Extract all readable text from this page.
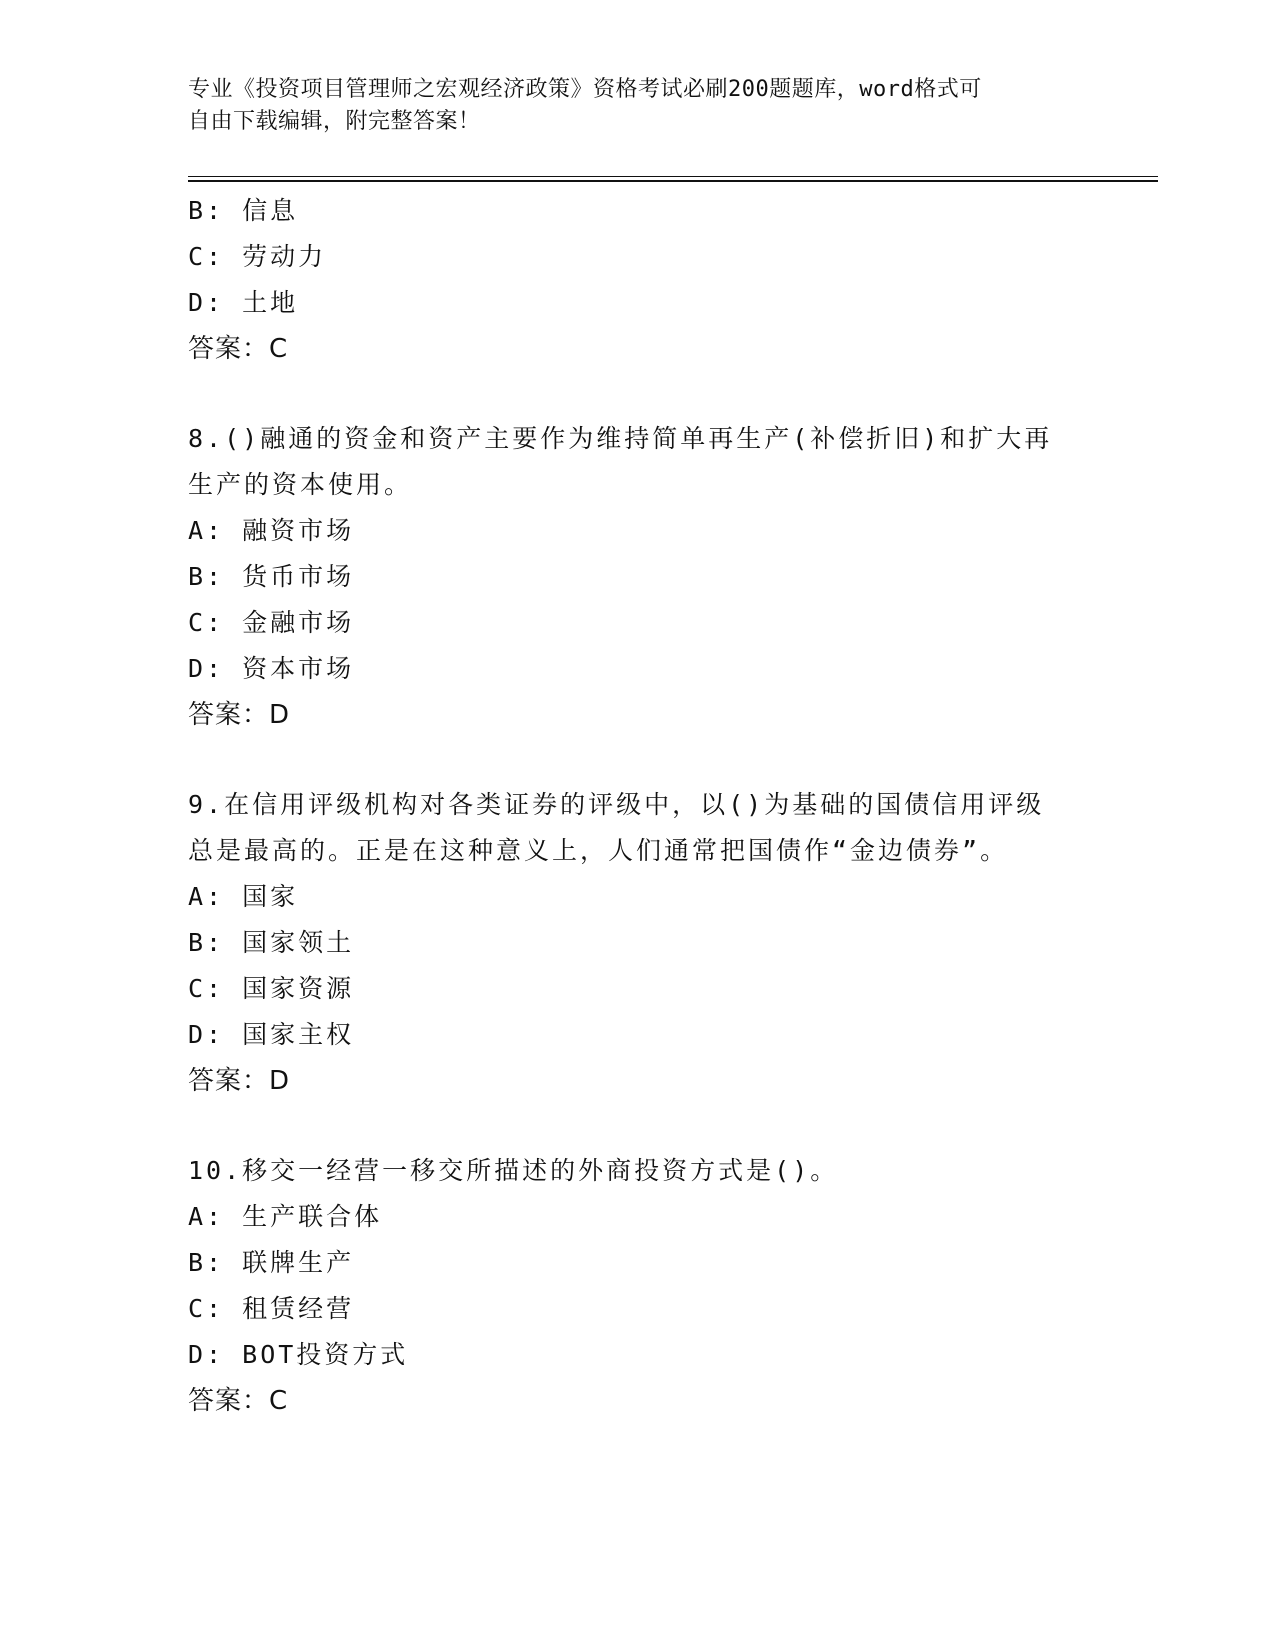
专业《投资项目管理师之宏观经济政策》资格考试必刷200题题库，word格式可
自由下载编辑，附完整答案！
B: 信息
C: 劳动力
D: 土地
答案：C
8.()融通的资金和资产主要作为维持简单再生产(补偿折旧)和扩大再
生产的资本使用。
A: 融资市场
B: 货币市场
C: 金融市场
D: 资本市场
答案：D
9.在信用评级机构对各类证券的评级中，以()为基础的国债信用评级
总是最高的。正是在这种意义上，人们通常把国债作“金边债券”。
A: 国家
B: 国家领土
C: 国家资源
D: 国家主权
答案：D
10.移交一经营一移交所描述的外商投资方式是()。
A: 生产联合体
B: 联牌生产
C: 租赁经营
D: BOT投资方式
答案：C
